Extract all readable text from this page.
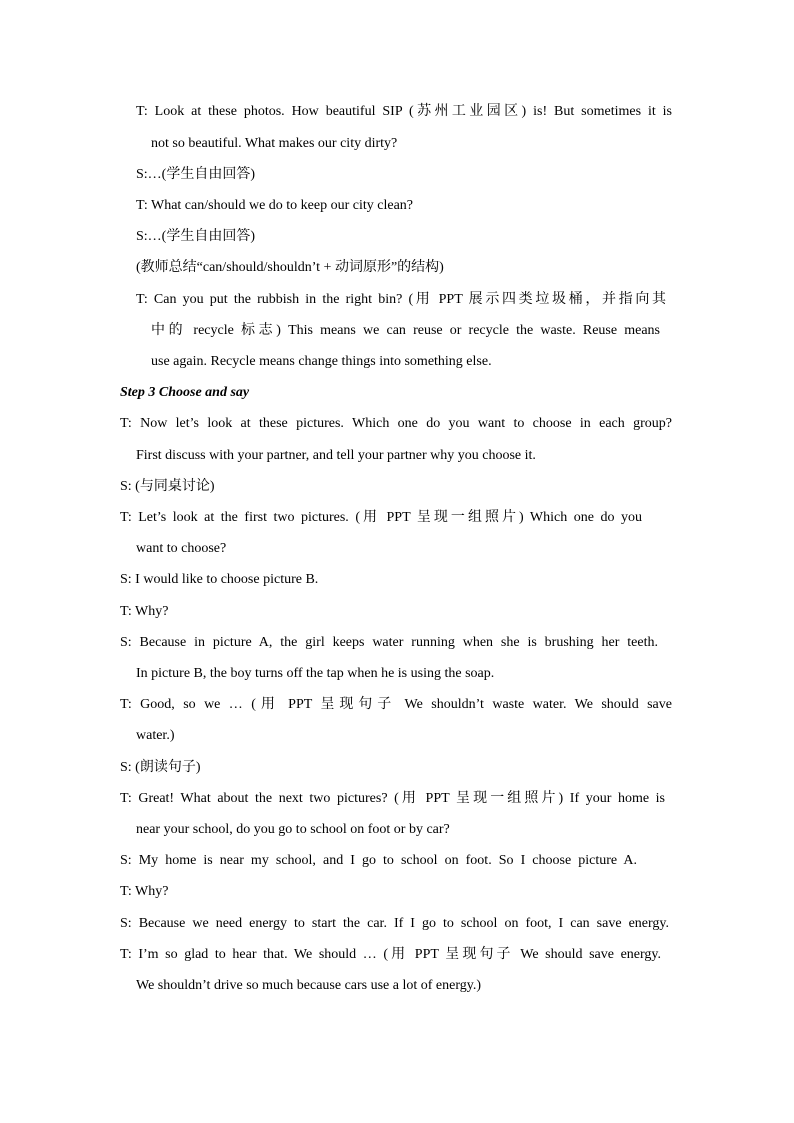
T: Look at these photos. How beautiful SIP (苏州工业园区) is! But sometimes it is
not so beautiful. What makes our city dirty?
S:…(学生自由回答)
T: What can/should we do to keep our city clean?
S:…(学生自由回答)
(教师总结“can/should/shouldn’t + 动词原形”的结构)
T: Can you put the rubbish in the right bin? (用 PPT 展示四类垃圾桶，并指向其
中的 recycle 标志) This means we can reuse or recycle the waste. Reuse means
use again. Recycle means change things into something else.
Step 3 Choose and say
T: Now let’s look at these pictures. Which one do you want to choose in each group?
First discuss with your partner, and tell your partner why you choose it.
S: (与同桌讨论)
T: Let’s look at the first two pictures. (用 PPT 呈现一组照片) Which one do you
want to choose?
S: I would like to choose picture B.
T: Why?
S: Because in picture A, the girl keeps water running when she is brushing her teeth.
In picture B, the boy turns off the tap when he is using the soap.
T: Good, so we … (用 PPT 呈现句子 We shouldn’t waste water. We should save
water.)
S: (朗读句子)
T: Great! What about the next two pictures? (用 PPT 呈现一组照片) If your home is
near your school, do you go to school on foot or by car?
S: My home is near my school, and I go to school on foot. So I choose picture A.
T: Why?
S: Because we need energy to start the car. If I go to school on foot, I can save energy.
T: I’m so glad to hear that. We should … (用 PPT 呈现句子 We should save energy.
We shouldn’t drive so much because cars use a lot of energy.)
